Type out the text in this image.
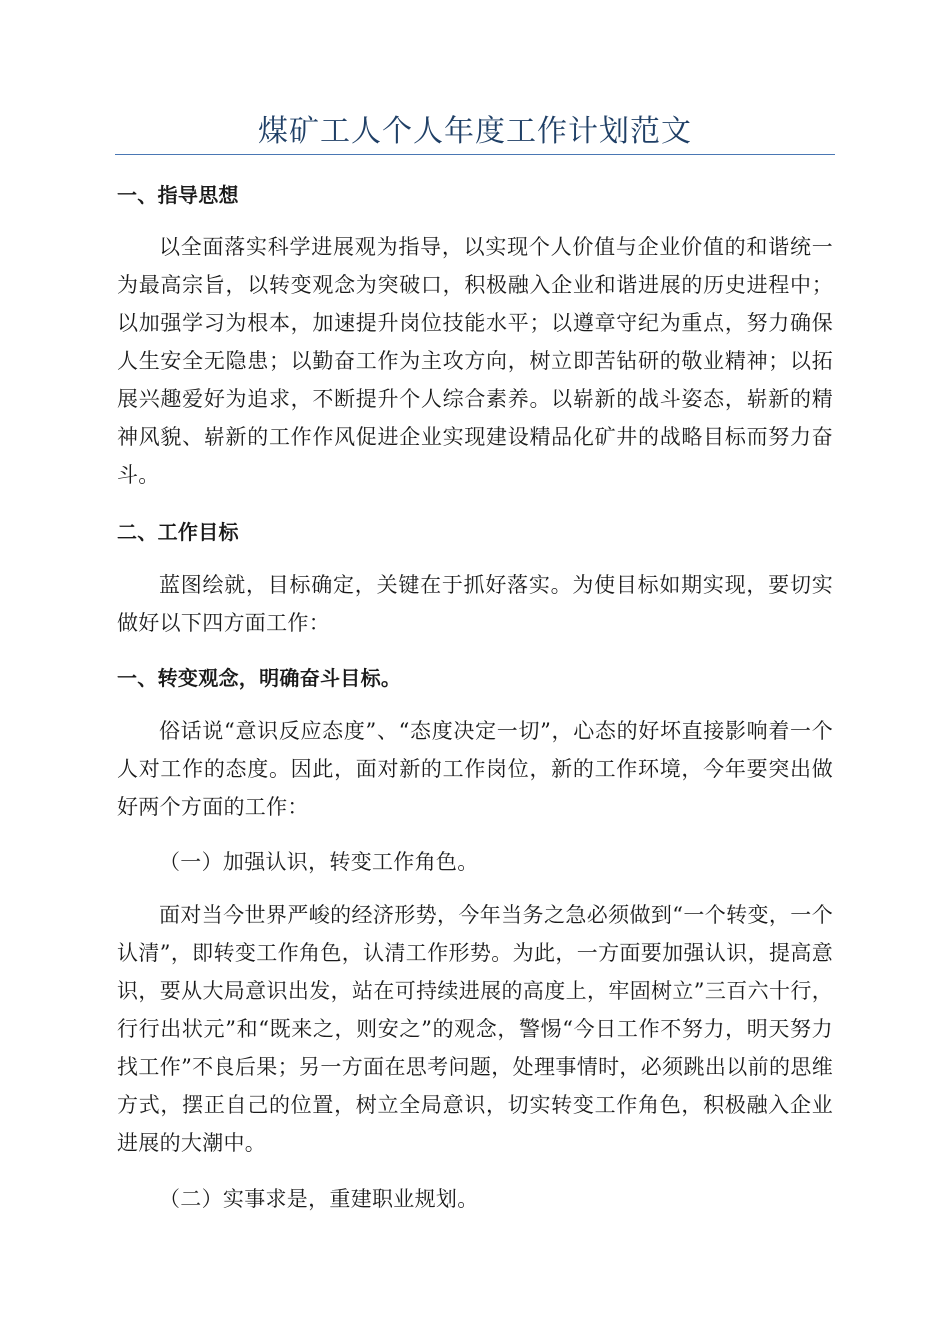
煤矿工人个人年度工作计划范文
一、指导思想
以全面落实科学进展观为指导，以实现个人价值与企业价值的和谐统一为最高宗旨，以转变观念为突破口，积极融入企业和谐进展的历史进程中；以加强学习为根本，加速提升岗位技能水平；以遵章守纪为重点，努力确保人生安全无隐患；以勤奋工作为主攻方向，树立即苦钻研的敬业精神；以拓展兴趣爱好为追求，不断提升个人综合素养。以崭新的战斗姿态，崭新的精神风貌、崭新的工作作风促进企业实现建设精品化矿井的战略目标而努力奋斗。
二、工作目标
蓝图绘就，目标确定，关键在于抓好落实。为使目标如期实现，要切实做好以下四方面工作：
一、转变观念，明确奋斗目标。
俗话说“意识反应态度”、“态度决定一切”，心态的好坏直接影响着一个人对工作的态度。因此，面对新的工作岗位，新的工作环境，今年要突出做好两个方面的工作：
（一）加强认识，转变工作角色。
面对当今世界严峻的经济形势，今年当务之急必须做到“一个转变，一个认清”，即转变工作角色，认清工作形势。为此，一方面要加强认识，提高意识，要从大局意识出发，站在可持续进展的高度上，牢固树立”三百六十行，行行出状元”和“既来之，则安之”的观念，警惕“今日工作不努力，明天努力找工作”不良后果；另一方面在思考问题，处理事情时，必须跳出以前的思维方式，摆正自己的位置，树立全局意识，切实转变工作角色，积极融入企业进展的大潮中。
（二）实事求是，重建职业规划。
